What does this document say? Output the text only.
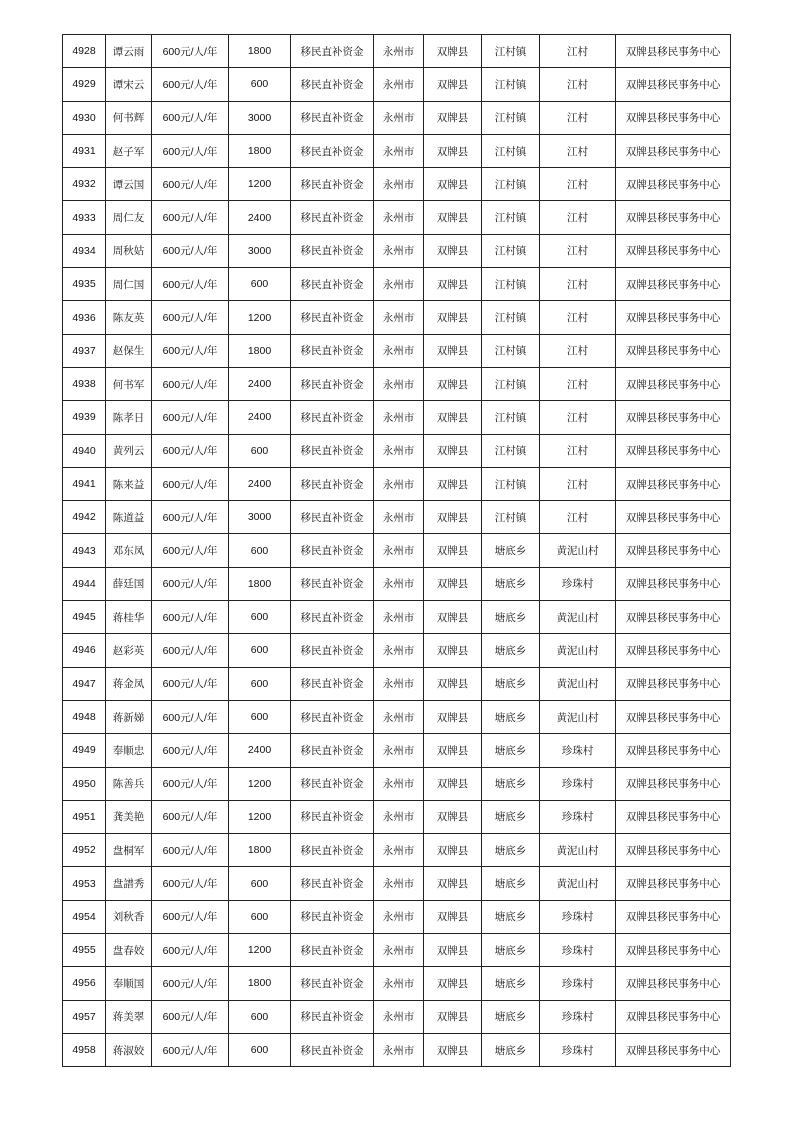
4928	谭云雨	600元/人/年	1800	移民直补资金	永州市	双牌县	江村镇	江村	双牌县移民事务中心
4929	谭宋云	600元/人/年	600	移民直补资金	永州市	双牌县	江村镇	江村	双牌县移民事务中心
4930	何书辉	600元/人/年	3000	移民直补资金	永州市	双牌县	江村镇	江村	双牌县移民事务中心
4931	赵子军	600元/人/年	1800	移民直补资金	永州市	双牌县	江村镇	江村	双牌县移民事务中心
4932	谭云国	600元/人/年	1200	移民直补资金	永州市	双牌县	江村镇	江村	双牌县移民事务中心
4933	周仁友	600元/人/年	2400	移民直补资金	永州市	双牌县	江村镇	江村	双牌县移民事务中心
4934	周秋姑	600元/人/年	3000	移民直补资金	永州市	双牌县	江村镇	江村	双牌县移民事务中心
4935	周仁国	600元/人/年	600	移民直补资金	永州市	双牌县	江村镇	江村	双牌县移民事务中心
4936	陈友英	600元/人/年	1200	移民直补资金	永州市	双牌县	江村镇	江村	双牌县移民事务中心
4937	赵保生	600元/人/年	1800	移民直补资金	永州市	双牌县	江村镇	江村	双牌县移民事务中心
4938	何书军	600元/人/年	2400	移民直补资金	永州市	双牌县	江村镇	江村	双牌县移民事务中心
4939	陈孝日	600元/人/年	2400	移民直补资金	永州市	双牌县	江村镇	江村	双牌县移民事务中心
4940	黄列云	600元/人/年	600	移民直补资金	永州市	双牌县	江村镇	江村	双牌县移民事务中心
4941	陈来益	600元/人/年	2400	移民直补资金	永州市	双牌县	江村镇	江村	双牌县移民事务中心
4942	陈道益	600元/人/年	3000	移民直补资金	永州市	双牌县	江村镇	江村	双牌县移民事务中心
4943	邓东凤	600元/人/年	600	移民直补资金	永州市	双牌县	塘底乡	黄泥山村	双牌县移民事务中心
4944	薛廷国	600元/人/年	1800	移民直补资金	永州市	双牌县	塘底乡	珍珠村	双牌县移民事务中心
4945	蒋桂华	600元/人/年	600	移民直补资金	永州市	双牌县	塘底乡	黄泥山村	双牌县移民事务中心
4946	赵彩英	600元/人/年	600	移民直补资金	永州市	双牌县	塘底乡	黄泥山村	双牌县移民事务中心
4947	蒋金凤	600元/人/年	600	移民直补资金	永州市	双牌县	塘底乡	黄泥山村	双牌县移民事务中心
4948	蒋新娣	600元/人/年	600	移民直补资金	永州市	双牌县	塘底乡	黄泥山村	双牌县移民事务中心
4949	奉顺忠	600元/人/年	2400	移民直补资金	永州市	双牌县	塘底乡	珍珠村	双牌县移民事务中心
4950	陈善兵	600元/人/年	1200	移民直补资金	永州市	双牌县	塘底乡	珍珠村	双牌县移民事务中心
4951	龚美艳	600元/人/年	1200	移民直补资金	永州市	双牌县	塘底乡	珍珠村	双牌县移民事务中心
4952	盘桐军	600元/人/年	1800	移民直补资金	永州市	双牌县	塘底乡	黄泥山村	双牌县移民事务中心
4953	盘譜秀	600元/人/年	600	移民直补资金	永州市	双牌县	塘底乡	黄泥山村	双牌县移民事务中心
4954	刘秋香	600元/人/年	600	移民直补资金	永州市	双牌县	塘底乡	珍珠村	双牌县移民事务中心
4955	盘春姣	600元/人/年	1200	移民直补资金	永州市	双牌县	塘底乡	珍珠村	双牌县移民事务中心
4956	奉顺国	600元/人/年	1800	移民直补资金	永州市	双牌县	塘底乡	珍珠村	双牌县移民事务中心
4957	蒋美翠	600元/人/年	600	移民直补资金	永州市	双牌县	塘底乡	珍珠村	双牌县移民事务中心
4958	蒋淑姣	600元/人/年	600	移民直补资金	永州市	双牌县	塘底乡	珍珠村	双牌县移民事务中心
